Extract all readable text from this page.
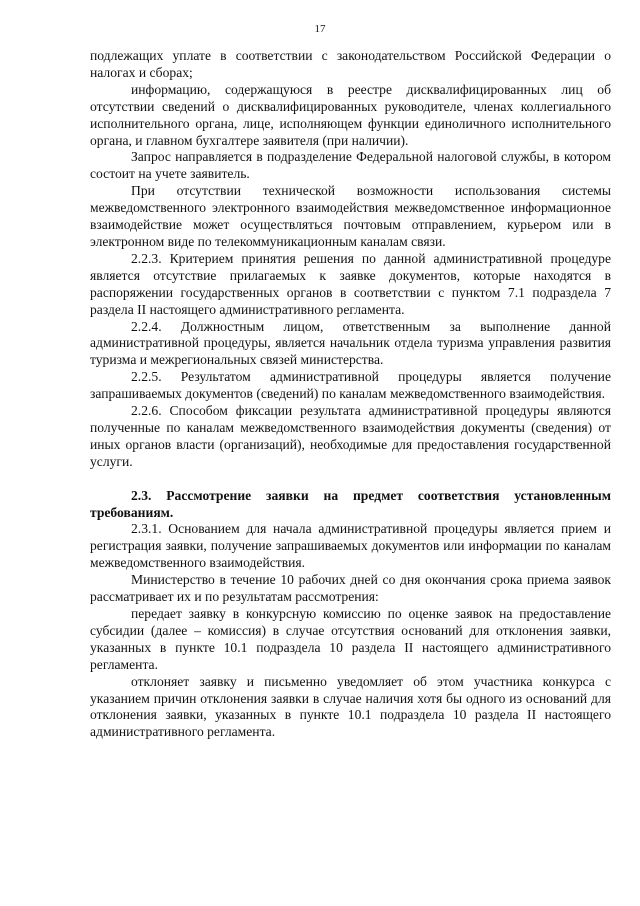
17

подлежащих уплате в соответствии с законодательством Российской Федерации о налогах и сборах;

информацию, содержащуюся в реестре дисквалифицированных лиц об отсутствии сведений о дисквалифицированных руководителе, членах коллегиального исполнительного органа, лице, исполняющем функции единоличного исполнительного органа, и главном бухгалтере заявителя (при наличии).

Запрос направляется в подразделение Федеральной налоговой службы, в котором состоит на учете заявитель.

При отсутствии технической возможности использования системы межведомственного электронного взаимодействия межведомственное информационное взаимодействие может осуществляться почтовым отправлением, курьером или в электронном виде по телекоммуникационным каналам связи.

2.2.3. Критерием принятия решения по данной административной процедуре является отсутствие прилагаемых к заявке документов, которые находятся в распоряжении государственных органов в соответствии с пунктом 7.1 подраздела 7 раздела II настоящего административного регламента.

2.2.4. Должностным лицом, ответственным за выполнение данной административной процедуры, является начальник отдела туризма управления развития туризма и межрегиональных связей министерства.

2.2.5. Результатом административной процедуры является получение запрашиваемых документов (сведений) по каналам межведомственного взаимодействия.

2.2.6. Способом фиксации результата административной процедуры являются полученные по каналам межведомственного взаимодействия документы (сведения) от иных органов власти (организаций), необходимые для предоставления государственной услуги.

2.3. Рассмотрение заявки на предмет соответствия установленным требованиям.

2.3.1. Основанием для начала административной процедуры является прием и регистрация заявки, получение запрашиваемых документов или информации по каналам межведомственного взаимодействия.

Министерство в течение 10 рабочих дней со дня окончания срока приема заявок рассматривает их и по результатам рассмотрения:

передает заявку в конкурсную комиссию по оценке заявок на предоставление субсидии (далее – комиссия) в случае отсутствия оснований для отклонения заявки, указанных в пункте 10.1 подраздела 10 раздела II настоящего административного регламента.

отклоняет заявку и письменно уведомляет об этом участника конкурса с указанием причин отклонения заявки в случае наличия хотя бы одного из оснований для отклонения заявки, указанных в пункте 10.1 подраздела 10 раздела II настоящего административного регламента.
